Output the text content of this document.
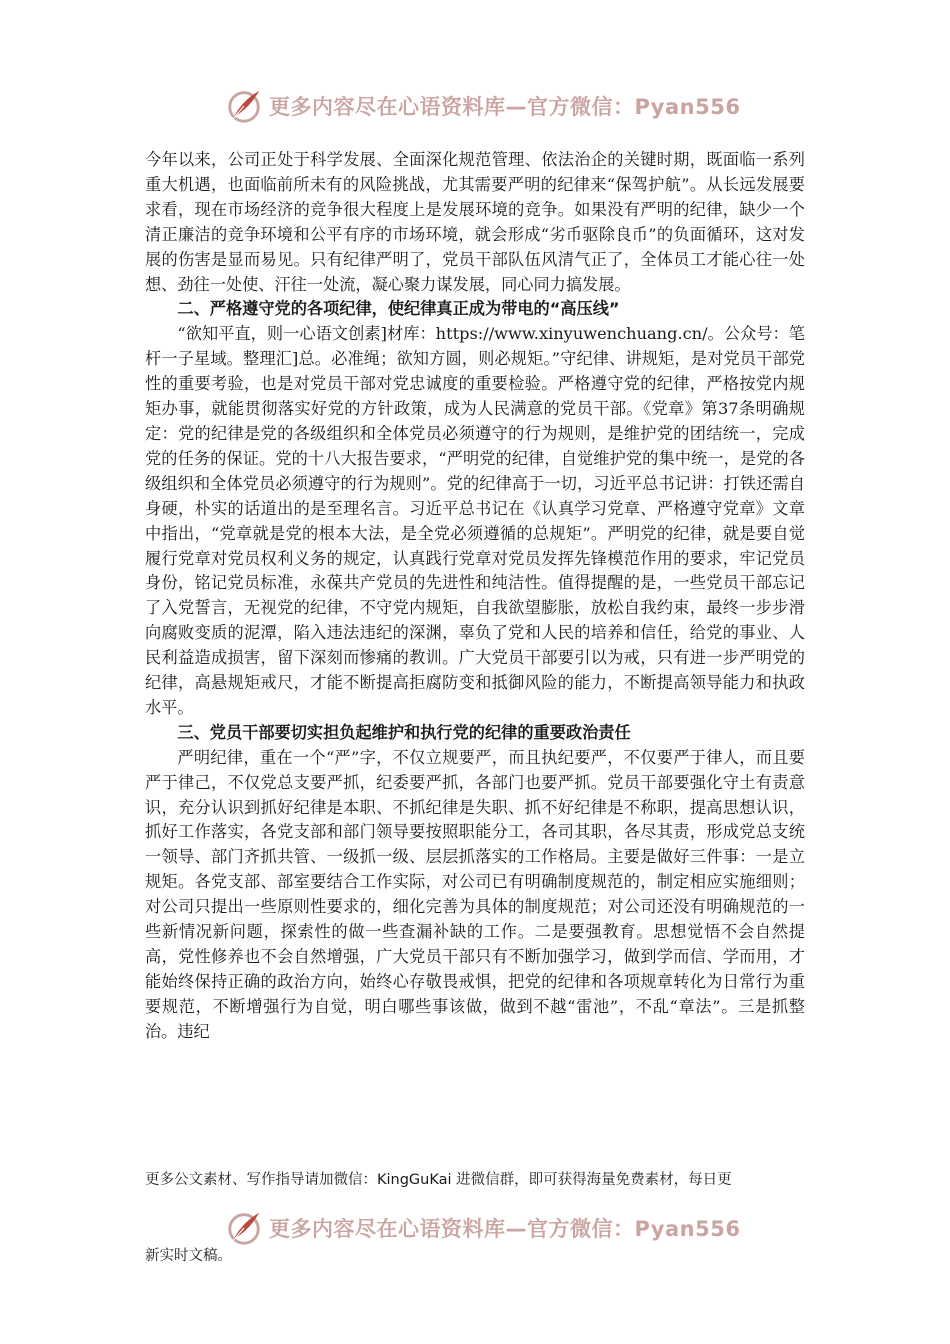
更多内容尽在心语资料库—官方微信：Pyan556

今年以来，公司正处于科学发展、全面深化规范管理、依法治企的关键时期，既面临一系列重大机遇，也面临前所未有的风险挑战，尤其需要严明的纪律来“保驾护航”。从长远发展要求看，现在市场经济的竞争很大程度上是发展环境的竞争。如果没有严明的纪律，缺少一个清正廉洁的竞争环境和公平有序的市场环境，就会形成“劣币驱除良币”的负面循环，这对发展的伤害是显而易见。只有纪律严明了，党员干部队伍风清气正了，全体员工才能心往一处想、劲往一处使、汗往一处流，凝心聚力谋发展，同心同力搞发展。

二、严格遵守党的各项纪律，使纪律真正成为带电的“高压线”

“欲知平直，则一心语文创素]材库：https://www.xinyuwenchuang.cn/。公众号：笔杆一子星域。整理汇]总。必准绳；欲知方圆，则必规矩。”守纪律、讲规矩，是对党员干部党性的重要考验，也是对党员干部对党忠诚度的重要检验。严格遵守党的纪律，严格按党内规矩办事，就能贯彻落实好党的方针政策，成为人民满意的党员干部。《党章》第37条明确规定：党的纪律是党的各级组织和全体党员必须遵守的行为规则，是维护党的团结统一，完成党的任务的保证。党的十八大报告要求，“严明党的纪律，自觉维护党的集中统一，是党的各级组织和全体党员必须遵守的行为规则”。党的纪律高于一切，习近平总书记讲：打铁还需自身硬，朴实的话道出的是至理名言。习近平总书记在《认真学习党章、严格遵守党章》文章中指出，“党章就是党的根本大法，是全党必须遵循的总规矩”。严明党的纪律，就是要自觉履行党章对党员权利义务的规定，认真践行党章对党员发挥先锋模范作用的要求，牢记党员身份，铭记党员标准，永葆共产党员的先进性和纯洁性。值得提醒的是，一些党员干部忘记了入党誓言，无视党的纪律，不守党内规矩，自我欲望膨胀，放松自我约束，最终一步步滑向腐败变质的泥潭，陷入违法违纪的深渊，辜负了党和人民的培养和信任，给党的事业、人民利益造成损害，留下深刻而惨痛的教训。广大党员干部要引以为戒，只有进一步严明党的纪律，高悬规矩戒尺，才能不断提高拒腐防变和抵御风险的能力，不断提高领导能力和执政水平。

三、党员干部要切实担负起维护和执行党的纪律的重要政治责任

严明纪律，重在一个“严”字，不仅立规要严，而且执纪要严，不仅要严于律人，而且要严于律己，不仅党总支要严抓，纪委要严抓，各部门也要严抓。党员干部要强化守土有责意识，充分认识到抓好纪律是本职、不抓纪律是失职、抓不好纪律是不称职，提高思想认识，抓好工作落实，各党支部和部门领导要按照职能分工，各司其职，各尽其责，形成党总支统一领导、部门齐抓共管、一级抓一级、层层抓落实的工作格局。主要是做好三件事：一是立规矩。各党支部、部室要结合工作实际，对公司已有明确制度规范的，制定相应实施细则；对公司只提出一些原则性要求的，细化完善为具体的制度规范；对公司还没有明确规范的一些新情况新问题，探索性的做一些查漏补缺的工作。二是要强教育。思想觉悟不会自然提高，党性修养也不会自然增强，广大党员干部只有不断加强学习，做到学而信、学而用，才能始终保持正确的政治方向，始终心存敬畏戒惧，把党的纪律和各项规章转化为日常行为重要规范，不断增强行为自觉，明白哪些事该做，做到不越“雷池”，不乱“章法”。三是抓整治。违纪

更多公文素材、写作指导请加微信：KingGuKai 进微信群，即可获得海量免费素材，每日更
更多内容尽在心语资料库—官方微信：Pyan556
新实时文稿。
